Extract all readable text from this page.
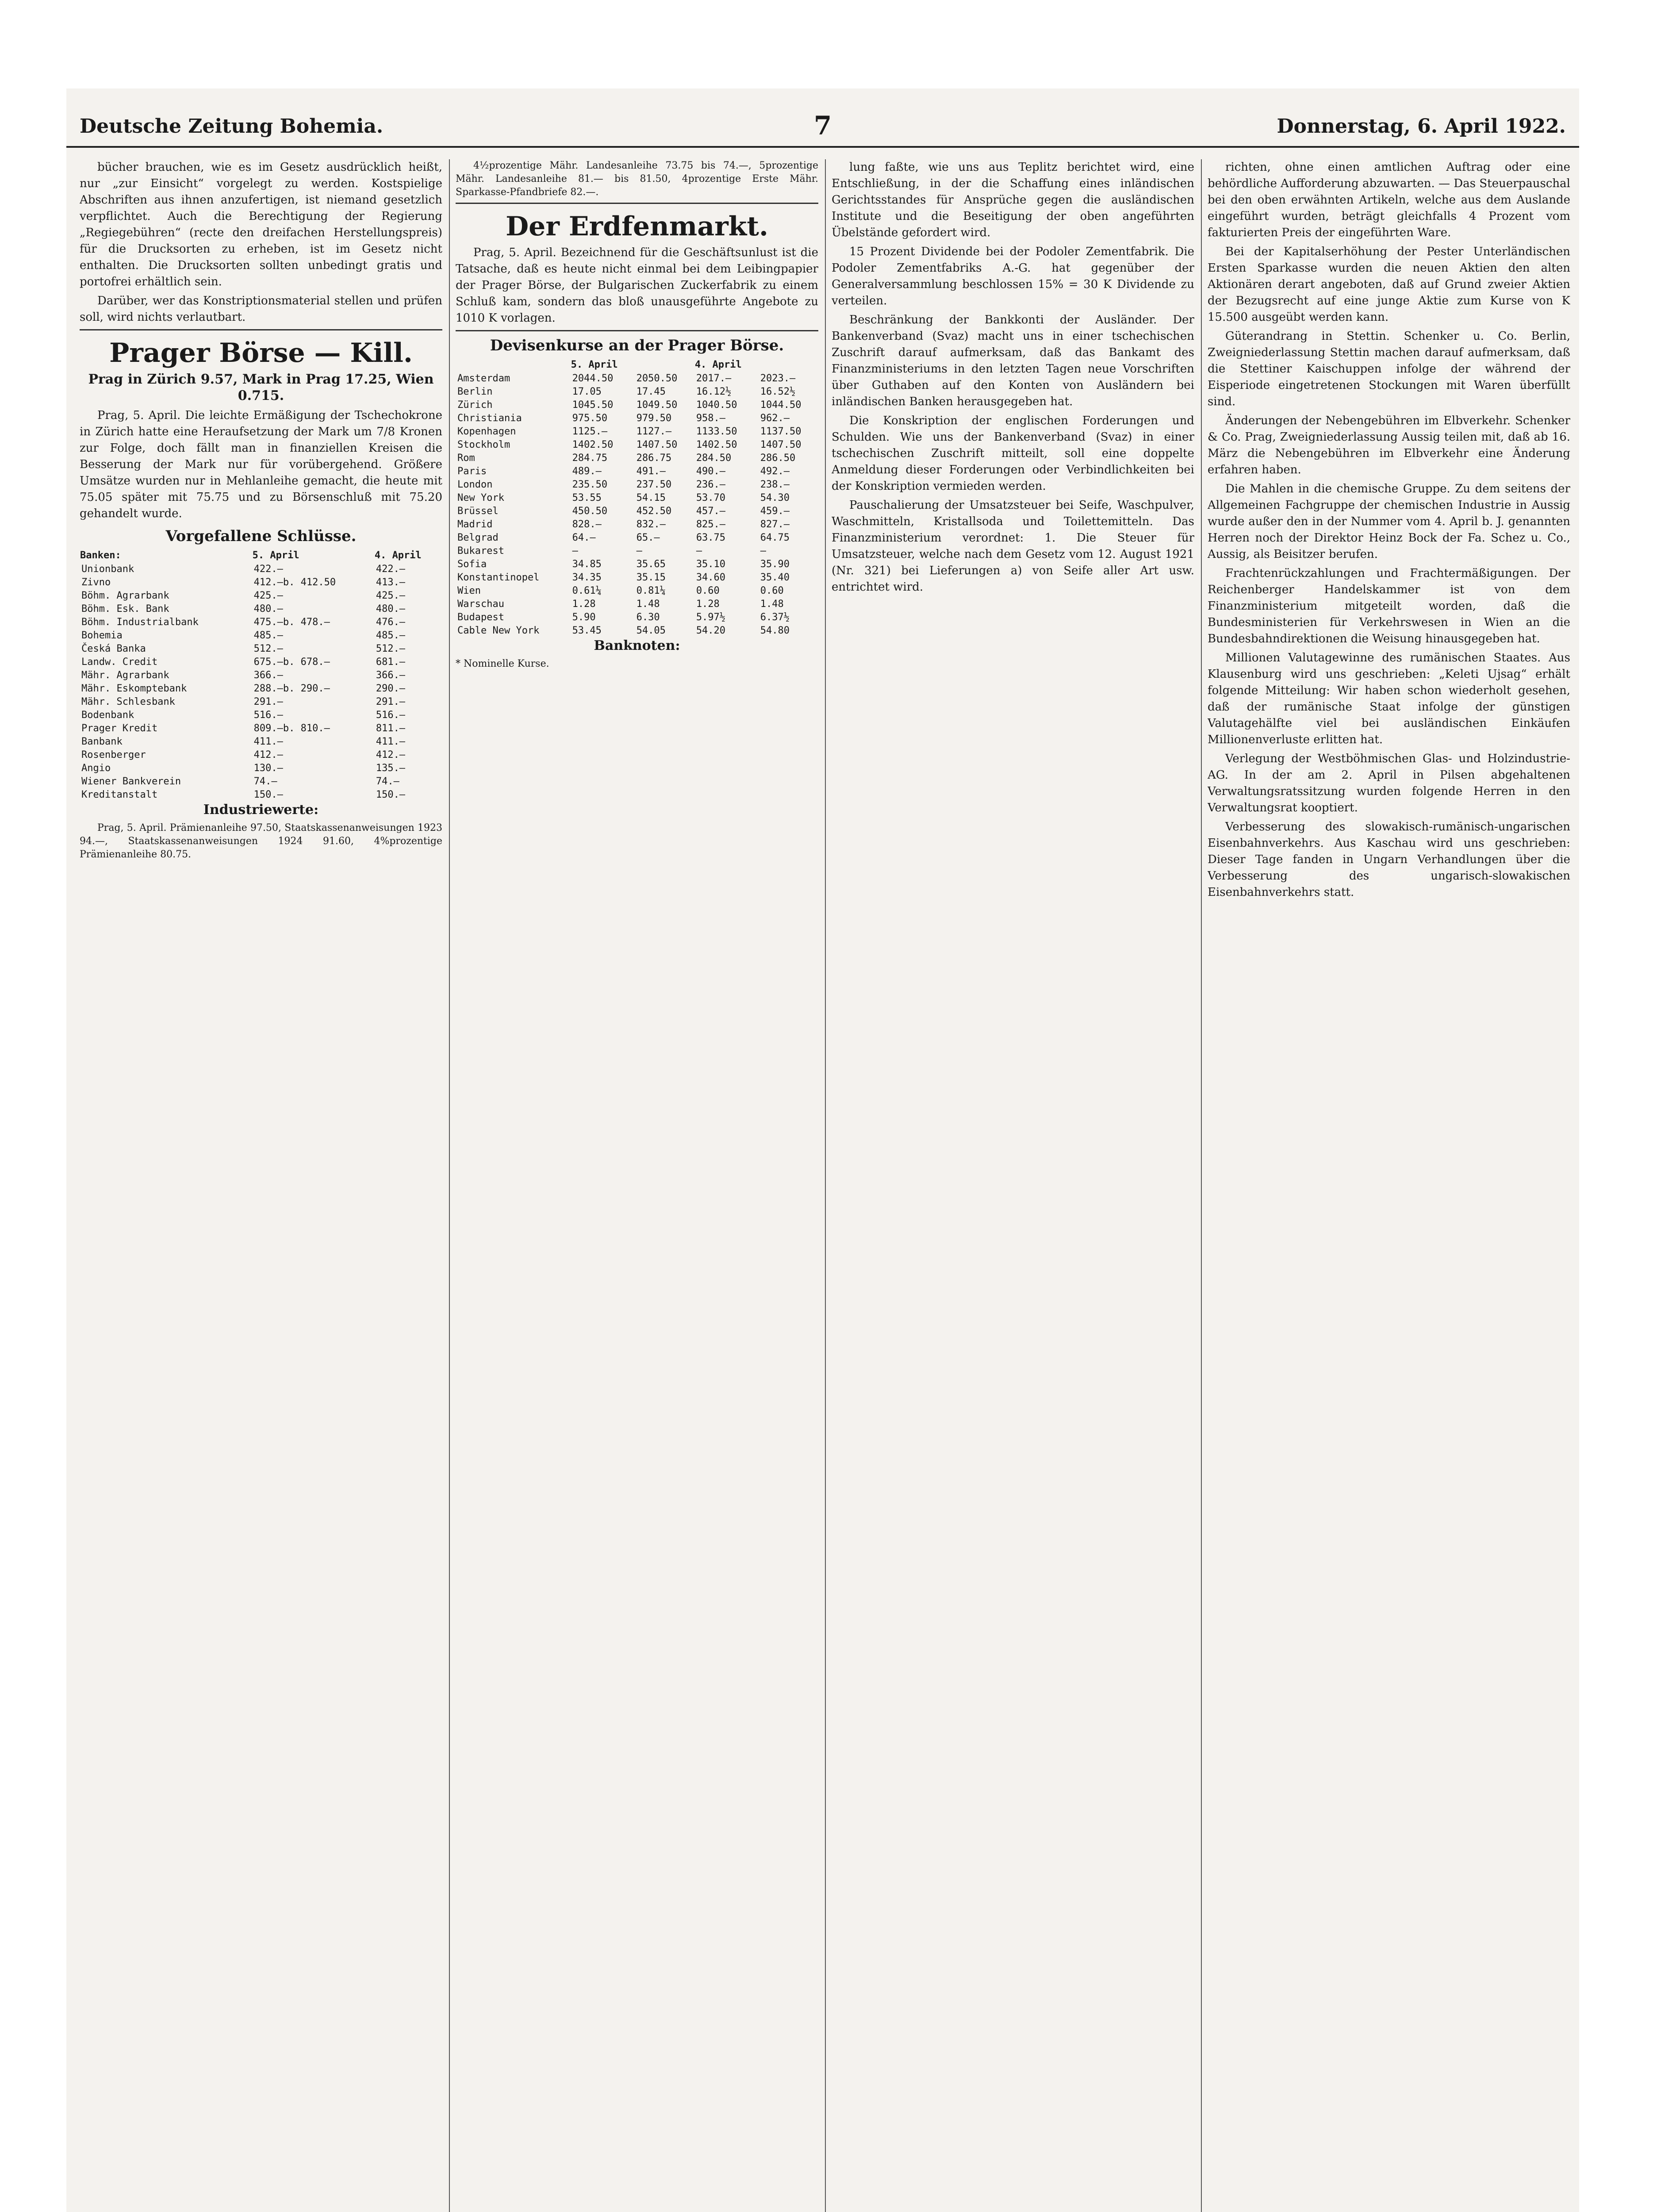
Deutsche Zeitung Bohemia.	7	Donnerstag, 6. April 1922.

bücher brauchen, wie es im Gesetz ausdrücklich heißt, nur „zur Einsicht“ vorgelegt zu werden. Kostspielige Abschriften aus ihnen anzufertigen, ist niemand gesetzlich verpflichtet. Auch die Berechtigung der Regierung „Regiegebühren“ (recte den dreifachen Herstellungspreis) für die Drucksorten zu erheben, ist im Gesetz nicht enthalten. Die Drucksorten sollten unbedingt gratis und portofrei erhältlich sein.

Darüber, wer das Konstriptionsmaterial stellen und prüfen soll, wird nichts verlautbart.

Prager Börse — Kill.
Prag in Zürich 9.57, Mark in Prag 17.25, Wien 0.715.

Prag, 5. April. Die leichte Ermäßigung der Tschechokrone in Zürich hatte eine Heraufsetzung der Mark um 7/8 Kronen zur Folge, doch fällt man in finanziellen Kreisen die Besserung der Mark nur für vorübergehend. Größere Umsätze wurden nur in Mehlanleihe gemacht, die heute mit 75.05 später mit 75.75 und zu Börsenschluß mit 75.20 gehandelt wurde.

Vorgefallene Schlüsse.
Banken:	5. April	4. April
Unionbank	422.—	422.—
Zivno	412.—b. 412.50	413.—
Böhm. Agrarbank	425.—	425.—
Böhm. Esk. Bank	480.—	480.—
Böhm. Industrialbank	475.—b. 478.—	476.—
Bohemia	485.—	485.—
Česká Banka	512.—	512.—
Landw. Credit	675.—b. 678.—	681.—
Mähr. Agrarbank	366.—	366.—
Mähr. Eskomptebank	288.—b. 290.—	290.—
Mähr. Schlesbank	291.—	291.—
Bodenbank	516.—	516.—
Prager Kredit	809.—b. 810.—	811.—
Banbank	411.—	411.—
Rosenberger	412.—	412.—
Angio	130.—	135.—
Wiener Bankverein	74.—	74.—
Kreditanstalt	150.—	150.—
Industriewerte:

Prag, 5. April. Prämienanleihe 97.50, Staatskassenanweisungen 1923 94.—, Staatskassenanweisungen 1924 91.60, 4%prozentige Prämienanleihe 80.75.

4½prozentige Mähr. Landesanleihe 73.75 bis 74.—, 5prozentige Mähr. Landesanleihe 81.— bis 81.50, 4prozentige Erste Mähr. Sparkasse-Pfandbriefe 82.—.

Der Erdfenmarkt.

Prag, 5. April. Bezeichnend für die Geschäftsunlust ist die Tatsache, daß es heute nicht einmal bei dem Leibingpapier der Prager Börse, der Bulgarischen Zuckerfabrik zu einem Schluß kam, sondern das bloß unausgeführte Angebote zu 1010 K vorlagen.

Devisenkurse an der Prager Börse.
	5. April		4. April	
Amsterdam	2044.50	2050.50	2017.—	2023.—
Berlin	17.05	17.45	16.12½	16.52½
Zürich	1045.50	1049.50	1040.50	1044.50
Christiania	975.50	979.50	958.—	962.—
Kopenhagen	1125.—	1127.—	1133.50	1137.50
Stockholm	1402.50	1407.50	1402.50	1407.50
Rom	284.75	286.75	284.50	286.50
Paris	489.—	491.—	490.—	492.—
London	235.50	237.50	236.—	238.—
New York	53.55	54.15	53.70	54.30
Brüssel	450.50	452.50	457.—	459.—
Madrid	828.—	832.—	825.—	827.—
Belgrad	64.—	65.—	63.75	64.75
Bukarest	—	—	—	—
Sofia	34.85	35.65	35.10	35.90
Konstantinopel	34.35	35.15	34.60	35.40
Wien	0.61¼	0.81¼	0.60	0.60
Warschau	1.28	1.48	1.28	1.48
Budapest	5.90	6.30	5.97½	6.37½
Cable New York	53.45	54.05	54.20	54.80
Banknoten:
* Nominelle Kurse.

lung faßte, wie uns aus Teplitz berichtet wird, eine Entschließung, in der die Schaffung eines inländischen Gerichtsstandes für Ansprüche gegen die ausländischen Institute und die Beseitigung der oben angeführten Übelstände gefordert wird.

15 Prozent Dividende bei der Podoler Zementfabrik. Die Podoler Zementfabriks A.-G. hat gegenüber der Generalversammlung beschlossen 15% = 30 K Dividende zu verteilen.

Beschränkung der Bankkonti der Ausländer. Der Bankenverband (Svaz) macht uns in einer tschechischen Zuschrift darauf aufmerksam, daß das Bankamt des Finanzministeriums in den letzten Tagen neue Vorschriften über Guthaben auf den Konten von Ausländern bei inländischen Banken herausgegeben hat.

Die Konskription der englischen Forderungen und Schulden. Wie uns der Bankenverband (Svaz) in einer tschechischen Zuschrift mitteilt, soll eine doppelte Anmeldung dieser Forderungen oder Verbindlichkeiten bei der Konskription vermieden werden.

Pauschalierung der Umsatzsteuer bei Seife, Waschpulver, Waschmitteln, Kristallsoda und Toilettemitteln. Das Finanzministerium verordnet: 1. Die Steuer für Umsatzsteuer, welche nach dem Gesetz vom 12. August 1921 (Nr. 321) bei Lieferungen a) von Seife aller Art usw. entrichtet wird.

richten, ohne einen amtlichen Auftrag oder eine behördliche Aufforderung abzuwarten. — Das Steuerpauschal bei den oben erwähnten Artikeln, welche aus dem Auslande eingeführt wurden, beträgt gleichfalls 4 Prozent vom fakturierten Preis der eingeführten Ware.

Bei der Kapitalserhöhung der Pester Unterländischen Ersten Sparkasse wurden die neuen Aktien den alten Aktionären derart angeboten, daß auf Grund zweier Aktien der Bezugsrecht auf eine junge Aktie zum Kurse von K 15.500 ausgeübt werden kann.

Güterandrang in Stettin. Schenker u. Co. Berlin, Zweigniederlassung Stettin machen darauf aufmerksam, daß die Stettiner Kaischuppen infolge der während der Eisperiode eingetretenen Stockungen mit Waren überfüllt sind.

Änderungen der Nebengebühren im Elbverkehr. Schenker & Co. Prag, Zweigniederlassung Aussig teilen mit, daß ab 16. März die Nebengebühren im Elbverkehr eine Änderung erfahren haben.

Die Mahlen in die chemische Gruppe. Zu dem seitens der Allgemeinen Fachgruppe der chemischen Industrie in Aussig wurde außer den in der Nummer vom 4. April b. J. genannten Herren noch der Direktor Heinz Bock der Fa. Schez u. Co., Aussig, als Beisitzer berufen.

Frachtenrückzahlungen und Frachtermäßigungen. Der Reichenberger Handelskammer ist von dem Finanzministerium mitgeteilt worden, daß die Bundesministerien für Verkehrswesen in Wien an die Bundesbahndirektionen die Weisung hinausgegeben hat.

Millionen Valutagewinne des rumänischen Staates. Aus Klausenburg wird uns geschrieben: „Keleti Ujsag“ erhält folgende Mitteilung: Wir haben schon wiederholt gesehen, daß der rumänische Staat infolge der günstigen Valutagehälfte viel bei ausländischen Einkäufen Millionenverluste erlitten hat.

Verlegung der Westböhmischen Glas- und Holzindustrie-AG. In der am 2. April in Pilsen abgehaltenen Verwaltungsratssitzung wurden folgende Herren in den Verwaltungsrat kooptiert.

Verbesserung des slowakisch-rumänisch-ungarischen Eisenbahnverkehrs. Aus Kaschau wird uns geschrieben: Dieser Tage fanden in Ungarn Verhandlungen über die Verbesserung des ungarisch-slowakischen Eisenbahnverkehrs statt.
